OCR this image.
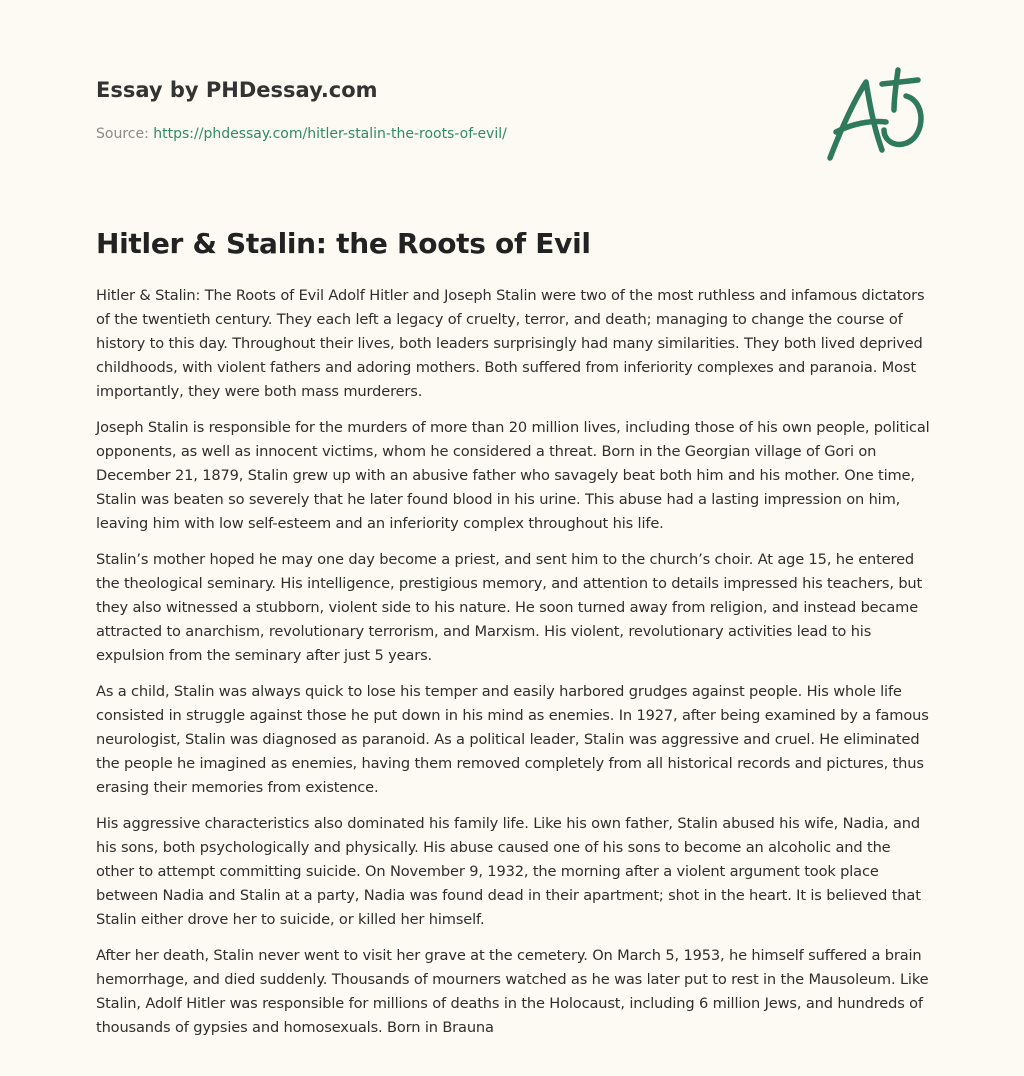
Essay by PHDessay.com
Source: https://phdessay.com/hitler-stalin-the-roots-of-evil/
Hitler & Stalin: the Roots of Evil

Hitler & Stalin: The Roots of Evil Adolf Hitler and Joseph Stalin were two of the most ruthless and infamous dictators of the twentieth century. They each left a legacy of cruelty, terror, and death; managing to change the course of history to this day. Throughout their lives, both leaders surprisingly had many similarities. They both lived deprived childhoods, with violent fathers and adoring mothers. Both suffered from inferiority complexes and paranoia. Most importantly, they were both mass murderers.

Joseph Stalin is responsible for the murders of more than 20 million lives, including those of his own people, political opponents, as well as innocent victims, whom he considered a threat. Born in the Georgian village of Gori on December 21, 1879, Stalin grew up with an abusive father who savagely beat both him and his mother. One time, Stalin was beaten so severely that he later found blood in his urine. This abuse had a lasting impression on him, leaving him with low self-esteem and an inferiority complex throughout his life.

Stalin’s mother hoped he may one day become a priest, and sent him to the church’s choir. At age 15, he entered the theological seminary. His intelligence, prestigious memory, and attention to details impressed his teachers, but they also witnessed a stubborn, violent side to his nature. He soon turned away from religion, and instead became attracted to anarchism, revolutionary terrorism, and Marxism. His violent, revolutionary activities lead to his expulsion from the seminary after just 5 years.

As a child, Stalin was always quick to lose his temper and easily harbored grudges against people. His whole life consisted in struggle against those he put down in his mind as enemies. In 1927, after being examined by a famous neurologist, Stalin was diagnosed as paranoid. As a political leader, Stalin was aggressive and cruel. He eliminated the people he imagined as enemies, having them removed completely from all historical records and pictures, thus erasing their memories from existence.

His aggressive characteristics also dominated his family life. Like his own father, Stalin abused his wife, Nadia, and his sons, both psychologically and physically. His abuse caused one of his sons to become an alcoholic and the other to attempt committing suicide. On November 9, 1932, the morning after a violent argument took place between Nadia and Stalin at a party, Nadia was found dead in their apartment; shot in the heart. It is believed that Stalin either drove her to suicide, or killed her himself.

After her death, Stalin never went to visit her grave at the cemetery. On March 5, 1953, he himself suffered a brain hemorrhage, and died suddenly. Thousands of mourners watched as he was later put to rest in the Mausoleum. Like Stalin, Adolf Hitler was responsible for millions of deaths in the Holocaust, including 6 million Jews, and hundreds of thousands of gypsies and homosexuals. Born in Brauna
